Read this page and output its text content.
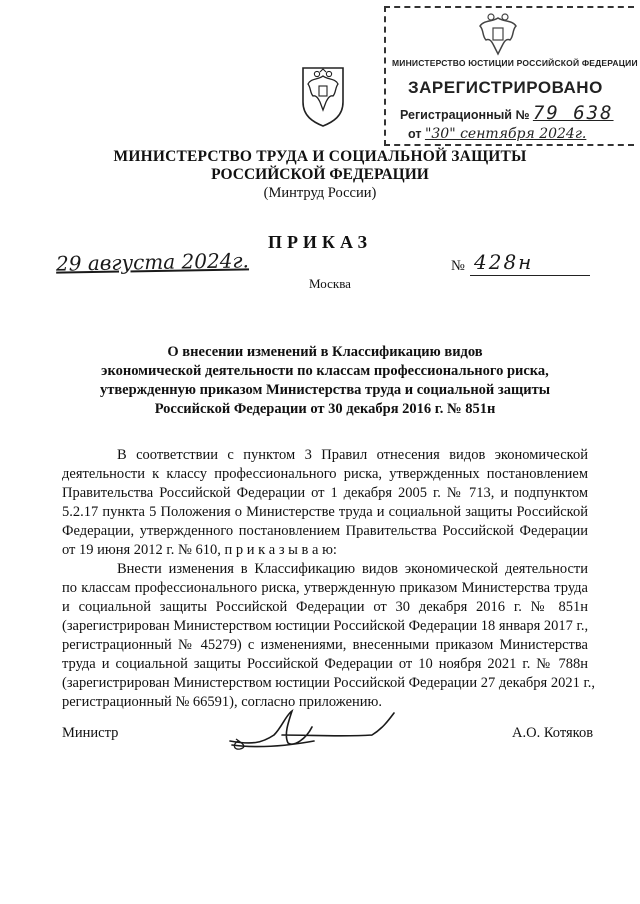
МИНИСТЕРСТВО ЮСТИЦИИ РОССИЙСКОЙ ФЕДЕРАЦИИ
ЗАРЕГИСТРИРОВАНО
Регистрационный № 79 638
от "30" сентября 2024г.
МИНИСТЕРСТВО ТРУДА И СОЦИАЛЬНОЙ ЗАЩИТЫ
РОССИЙСКОЙ ФЕДЕРАЦИИ
(Минтруд России)
ПРИКАЗ
29 августа 2024г.
Москва
№ 428н
О внесении изменений в Классификацию видов
экономической деятельности по классам профессионального риска,
утвержденную приказом Министерства труда и социальной защиты
Российской Федерации от 30 декабря 2016 г. № 851н
В соответствии с пунктом 3 Правил отнесения видов экономической
деятельности к классу профессионального риска, утвержденных постановлением
Правительства Российской Федерации от 1 декабря 2005 г. № 713, и подпунктом
5.2.17 пункта 5 Положения о Министерстве труда и социальной защиты Российской
Федерации, утвержденного постановлением Правительства Российской Федерации
от 19 июня 2012 г. № 610, п р и к а з ы в а ю:
Внести изменения в Классификацию видов экономической деятельности
по классам профессионального риска, утвержденную приказом Министерства труда
и социальной защиты Российской Федерации от 30 декабря 2016 г. № 851н
(зарегистрирован Министерством юстиции Российской Федерации 18 января 2017 г.,
регистрационный № 45279) с изменениями, внесенными приказом Министерства
труда и социальной защиты Российской Федерации от 10 ноября 2021 г. № 788н
(зарегистрирован Министерством юстиции Российской Федерации 27 декабря 2021 г.,
регистрационный № 66591), согласно приложению.
Министр	А.О. Котяков
